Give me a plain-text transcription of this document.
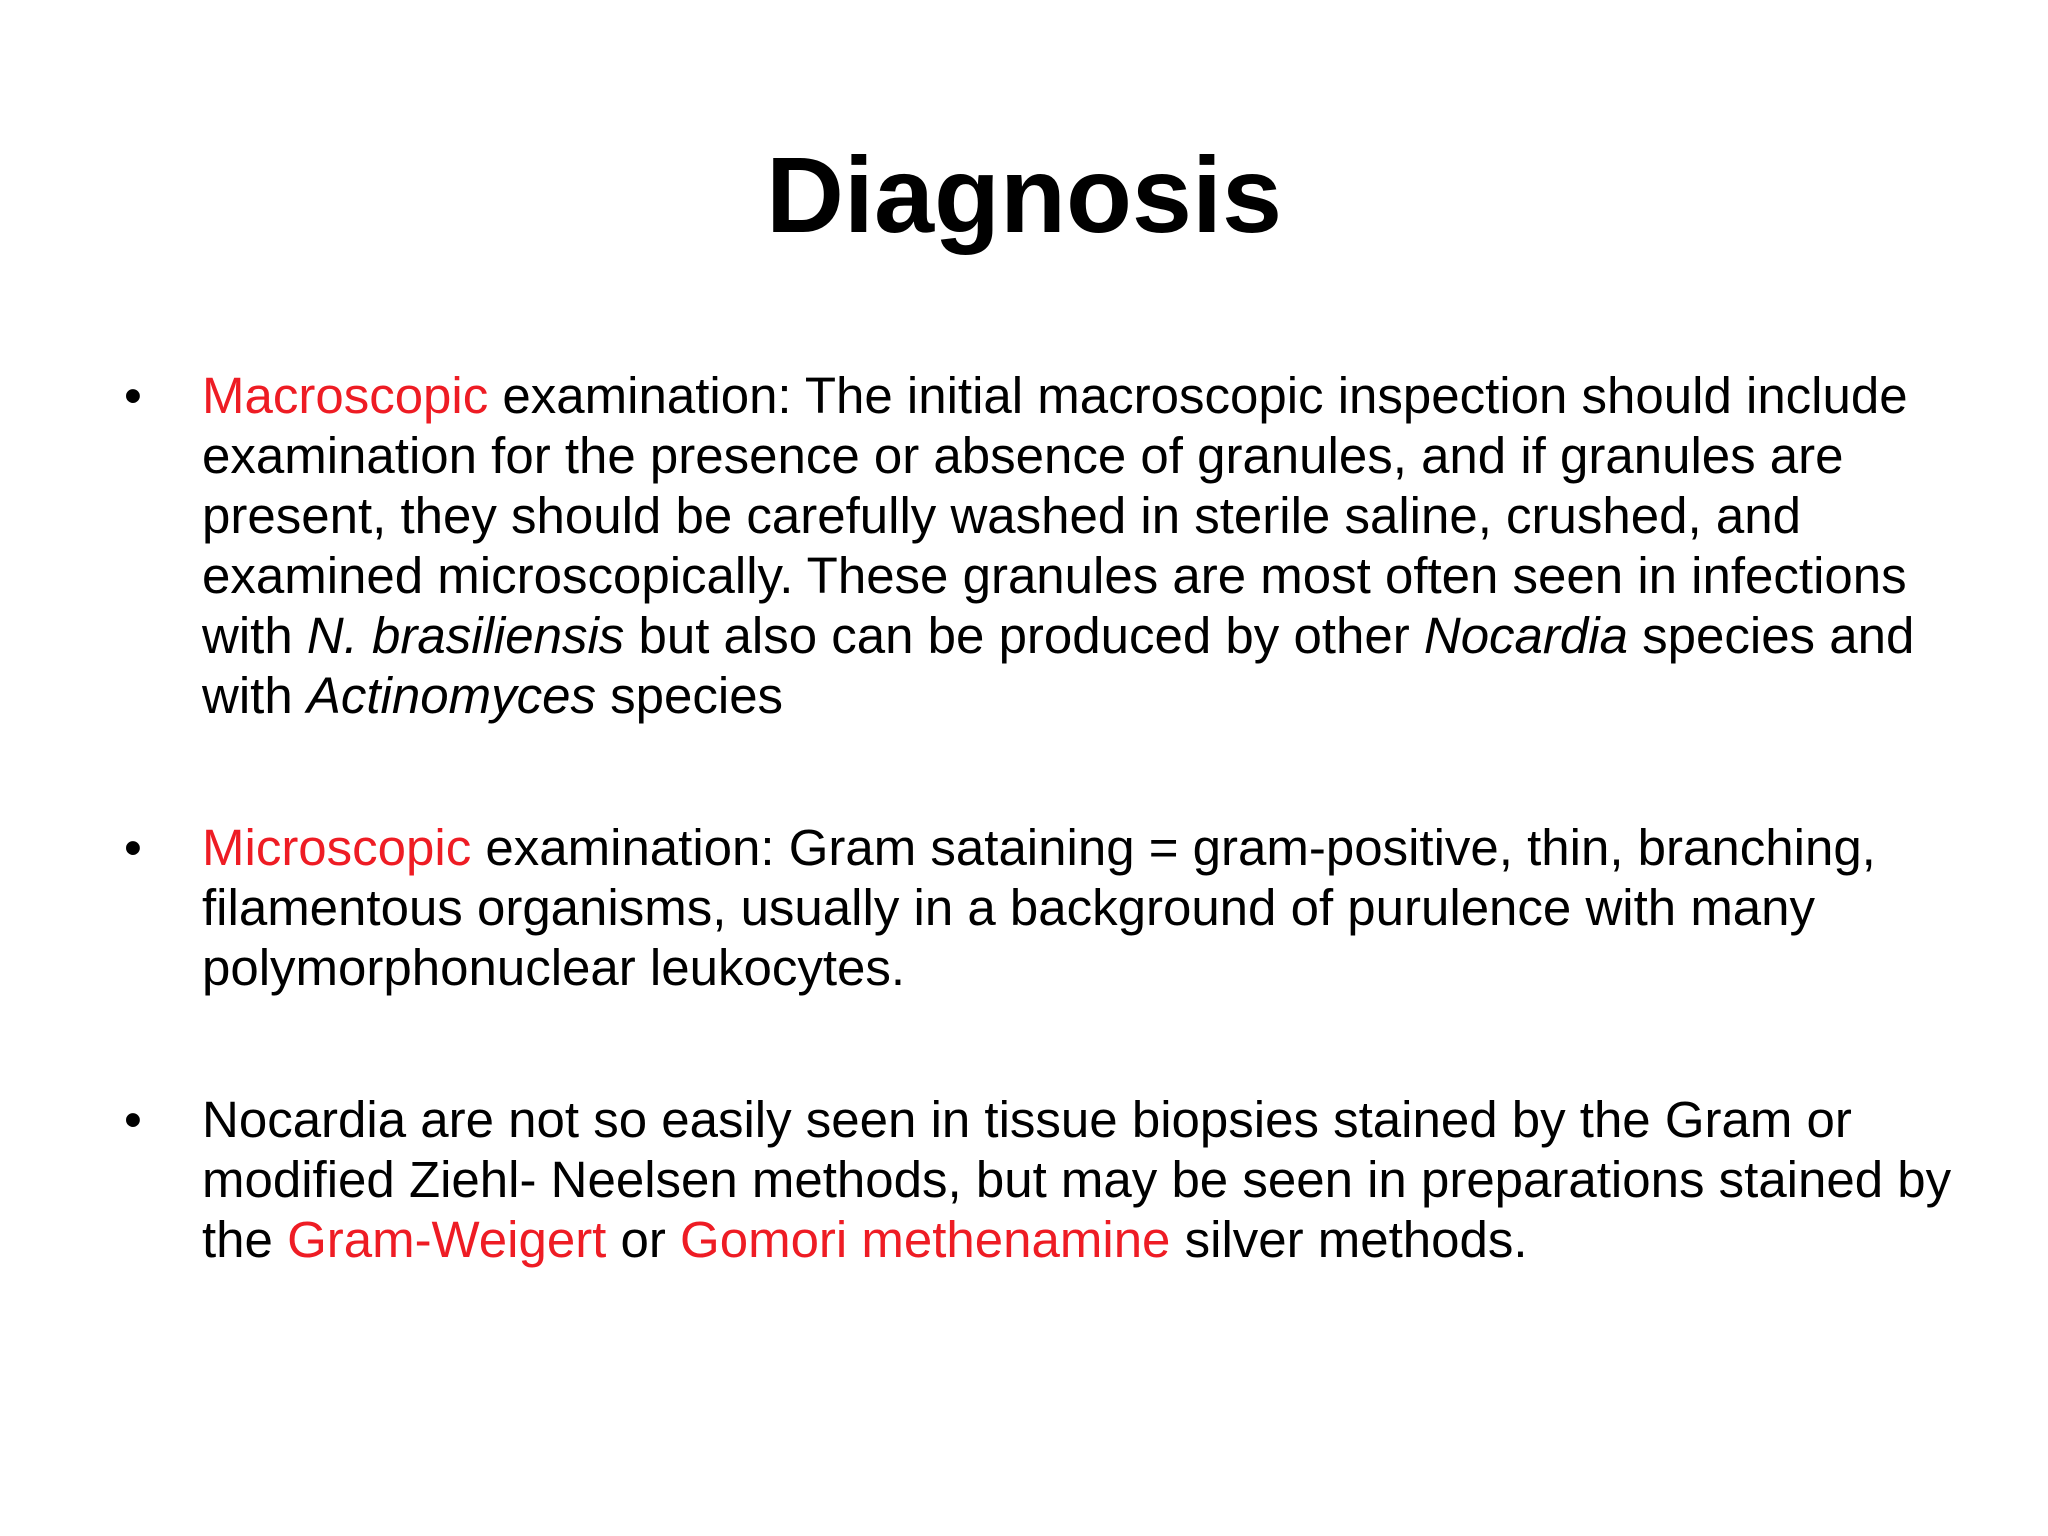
Diagnosis
• Macroscopic examination: The initial macroscopic inspection should include examination for the presence or absence of granules, and if granules are present, they should be carefully washed in sterile saline, crushed, and examined microscopically. These granules are most often seen in infections with N. brasiliensis but also can be produced by other Nocardia species and with Actinomyces species
• Microscopic examination: Gram sataining = gram-positive, thin, branching, filamentous organisms, usually in a background of purulence with many polymorphonuclear leukocytes.
• Nocardia are not so easily seen in tissue biopsies stained by the Gram or modified Ziehl- Neelsen methods, but may be seen in preparations stained by the Gram-Weigert or Gomori methenamine silver methods.
